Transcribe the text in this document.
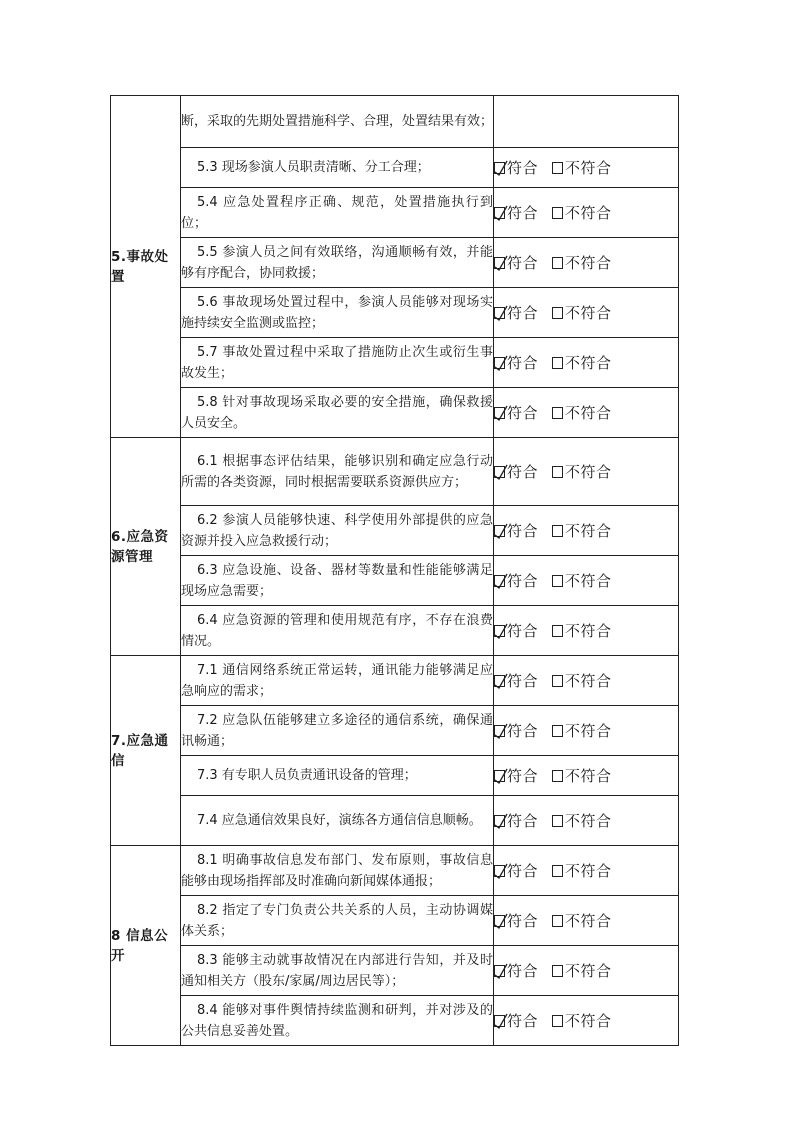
5.事故处置	断，采取的先期处置措施科学、合理，处置结果有效；	

	5.3 现场参演人员职责清晰、分工合理；	符合 不符合

	5.4 应急处置程序正确、规范，处置措施执行到位；	符合 不符合

	5.5 参演人员之间有效联络，沟通顺畅有效，并能够有序配合，协同救援；	符合 不符合

	5.6 事故现场处置过程中，参演人员能够对现场实施持续安全监测或监控；	符合 不符合

	5.7 事故处置过程中采取了措施防止次生或衍生事故发生；	符合 不符合

	5.8 针对事故现场采取必要的安全措施，确保救援人员安全。	符合 不符合

6.应急资源管理	6.1 根据事态评估结果，能够识别和确定应急行动所需的各类资源，同时根据需要联系资源供应方；	符合 不符合

	6.2 参演人员能够快速、科学使用外部提供的应急资源并投入应急救援行动；	符合 不符合

	6.3 应急设施、设备、器材等数量和性能能够满足现场应急需要；	符合 不符合

	6.4 应急资源的管理和使用规范有序，不存在浪费情况。	符合 不符合

7.应急通信	7.1 通信网络系统正常运转，通讯能力能够满足应急响应的需求；	符合 不符合

	7.2 应急队伍能够建立多途径的通信系统，确保通讯畅通；	符合 不符合

	7.3 有专职人员负责通讯设备的管理；	符合 不符合

	7.4 应急通信效果良好，演练各方通信信息顺畅。	符合 不符合

8 信息公开	8.1 明确事故信息发布部门、发布原则，事故信息能够由现场指挥部及时准确向新闻媒体通报；	符合 不符合

	8.2 指定了专门负责公共关系的人员，主动协调媒体关系；	符合 不符合

	8.3 能够主动就事故情况在内部进行告知，并及时通知相关方（股东/家属/周边居民等）；	符合 不符合

	8.4 能够对事件舆情持续监测和研判，并对涉及的公共信息妥善处置。	符合 不符合
